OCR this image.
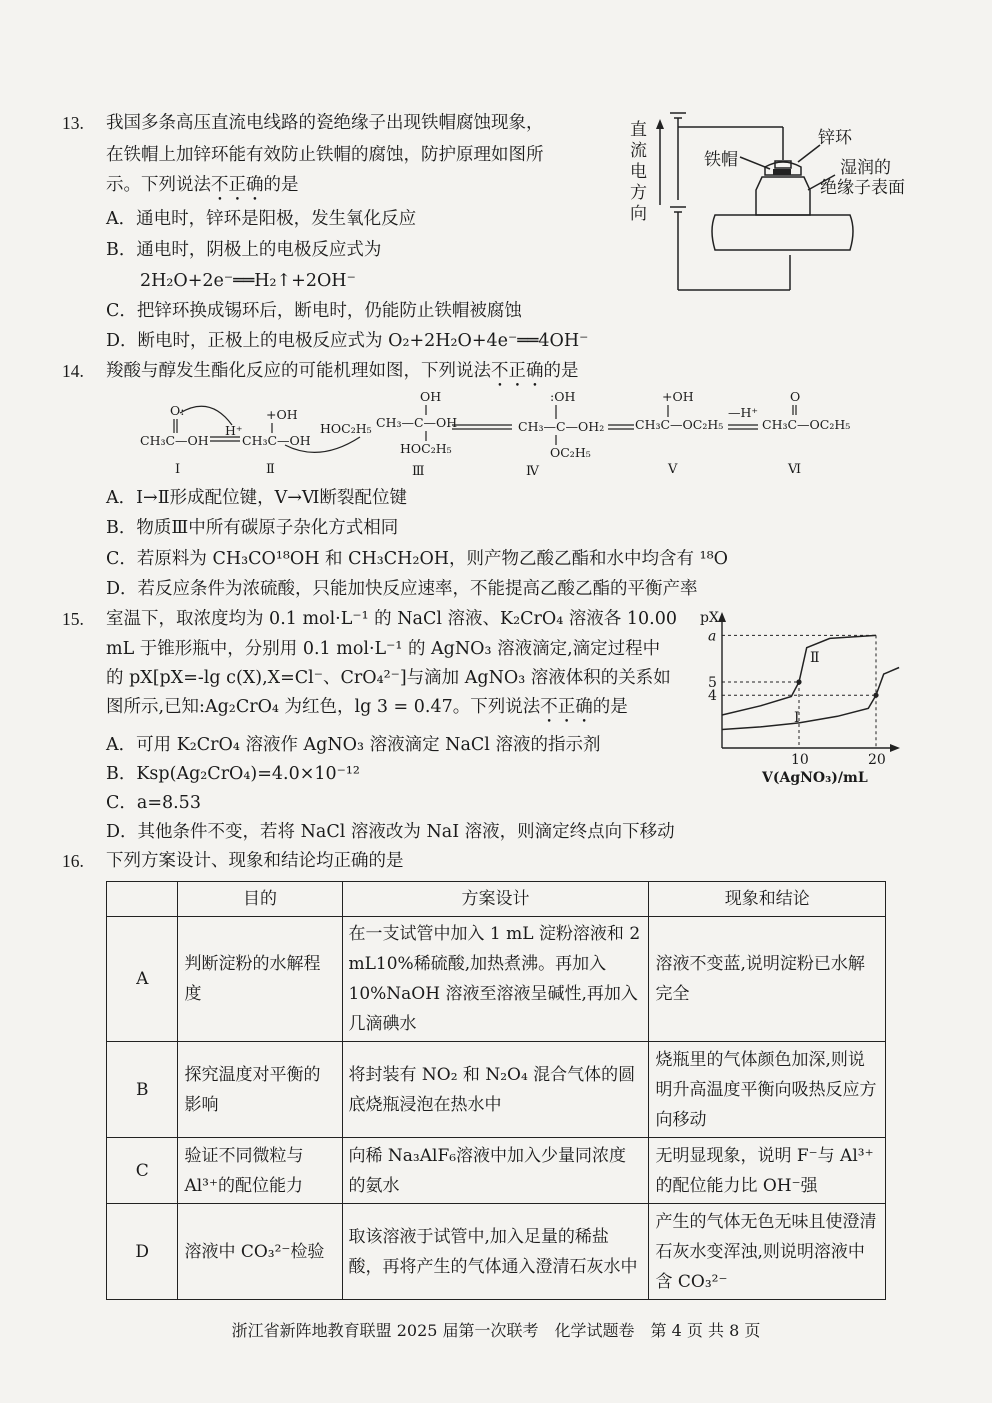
13. 我国多条高压直流电线路的瓷绝缘子出现铁帽腐蚀现象，
在铁帽上加锌环能有效防止铁帽的腐蚀，防护原理如图所
示。下列说法不正确的是
A．通电时，锌环是阳极，发生氧化反应
B．通电时，阴极上的电极反应式为
2H₂O+2e⁻══H₂↑+2OH⁻
C．把锌环换成锡环后，断电时，仍能防止铁帽被腐蚀
D．断电时，正极上的电极反应式为 O₂+2H₂O+4e⁻══4OH⁻
直
流
电
方
向
铁帽
锌环
湿润的
绝缘子表面
14. 羧酸与醇发生酯化反应的可能机理如图，下列说法不正确的是
O:
CH₃C—OH
H⁺
+OH
CH₃C—OH
HOC₂H₅
OH
CH₃—C—OH
HOC₂H₅
:OH
CH₃—C—OH₂
OC₂H₅
+OH
CH₃C—OC₂H₅
—H⁺
O
CH₃C—OC₂H₅
I	Ⅱ	Ⅲ	Ⅳ	Ⅴ	Ⅵ
A．I→Ⅱ形成配位键，Ⅴ→Ⅵ断裂配位键
B．物质Ⅲ中所有碳原子杂化方式相同
C．若原料为 CH₃CO¹⁸OH 和 CH₃CH₂OH，则产物乙酸乙酯和水中均含有 ¹⁸O
D．若反应条件为浓硫酸，只能加快反应速率，不能提高乙酸乙酯的平衡产率
15. 室温下，取浓度均为 0.1 mol·L⁻¹ 的 NaCl 溶液、K₂CrO₄ 溶液各 10.00
mL 于锥形瓶中，分别用 0.1 mol·L⁻¹ 的 AgNO₃ 溶液滴定,滴定过程中
的 pX[pX=-lg c(X),X=Cl⁻、CrO₄²⁻]与滴加 AgNO₃ 溶液体积的关系如
图所示,已知:Ag₂CrO₄ 为红色，lg 3 = 0.47。下列说法不正确的是
A．可用 K₂CrO₄ 溶液作 AgNO₃ 溶液滴定 NaCl 溶液的指示剂
B．Ksp(Ag₂CrO₄)=4.0×10⁻¹²
C．a=8.53
D．其他条件不变，若将 NaCl 溶液改为 NaI 溶液，则滴定终点向下移动
pX
a
5
4
10	20
V(AgNO₃)/mL
Ⅱ
Ⅰ
16. 下列方案设计、现象和结论均正确的是
	目的	方案设计	现象和结论
A	判断淀粉的水解程度	在一支试管中加入 1 mL 淀粉溶液和 2 mL10%稀硫酸,加热煮沸。再加入 10%NaOH 溶液至溶液呈碱性,再加入几滴碘水	溶液不变蓝,说明淀粉已水解完全
B	探究温度对平衡的影响	将封装有 NO₂ 和 N₂O₄ 混合气体的圆底烧瓶浸泡在热水中	烧瓶里的气体颜色加深,则说明升高温度平衡向吸热反应方向移动
C	验证不同微粒与 Al³⁺的配位能力	向稀 Na₃AlF₆溶液中加入少量同浓度的氨水	无明显现象，说明 F⁻与 Al³⁺的配位能力比 OH⁻强
D	溶液中 CO₃²⁻检验	取该溶液于试管中,加入足量的稀盐酸，再将产生的气体通入澄清石灰水中	产生的气体无色无味且使澄清石灰水变浑浊,则说明溶液中含 CO₃²⁻
浙江省新阵地教育联盟 2025 届第一次联考　化学试题卷　第 4 页 共 8 页
